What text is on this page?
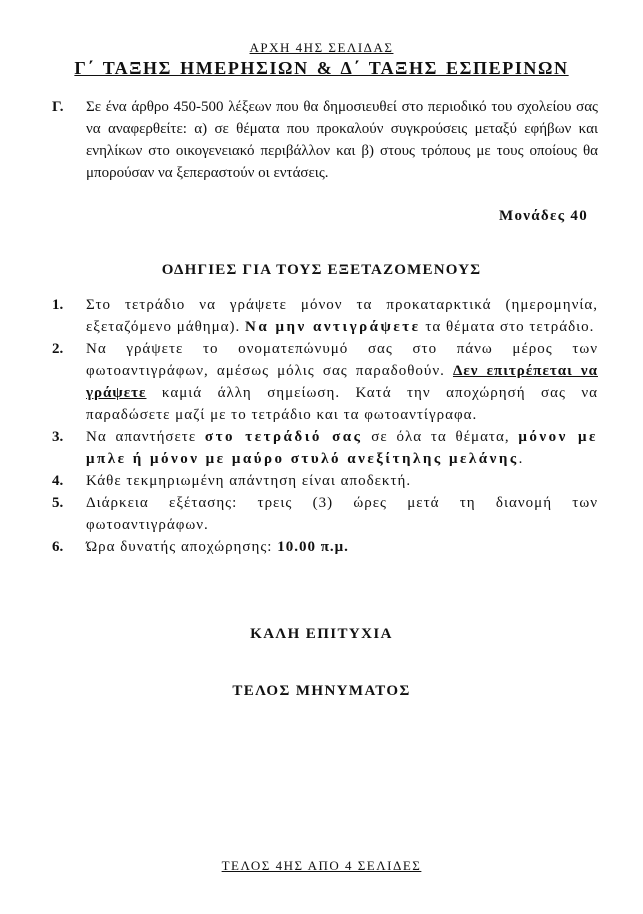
ΑΡΧΗ 4ΗΣ ΣΕΛΙΔΑΣ
Γ΄ ΤΑΞΗΣ ΗΜΕΡΗΣΙΩΝ & Δ΄ ΤΑΞΗΣ ΕΣΠΕΡΙΝΩΝ
Γ. Σε ένα άρθρο 450-500 λέξεων που θα δημοσιευθεί στο περιοδικό του σχολείου σας να αναφερθείτε: α) σε θέματα που προκαλούν συγκρούσεις μεταξύ εφήβων και ενηλίκων στο οικογενειακό περιβάλλον και β) στους τρόπους με τους οποίους θα μπορούσαν να ξεπεραστούν οι εντάσεις.
Μονάδες 40
ΟΔΗΓΙΕΣ ΓΙΑ ΤΟΥΣ ΕΞΕΤΑΖΟΜΕΝΟΥΣ
1. Στο τετράδιο να γράψετε μόνον τα προκαταρκτικά (ημερομηνία, εξεταζόμενο μάθημα). Να μην αντιγράψετε τα θέματα στο τετράδιο.
2. Να γράψετε το ονοματεπώνυμό σας στο πάνω μέρος των φωτοαντιγράφων, αμέσως μόλις σας παραδοθούν. Δεν επιτρέπεται να γράψετε καμιά άλλη σημείωση. Κατά την αποχώρησή σας να παραδώσετε μαζί με το τετράδιο και τα φωτοαντίγραφα.
3. Να απαντήσετε στο τετράδιό σας σε όλα τα θέματα, μόνον με μπλε ή μόνον με μαύρο στυλό ανεξίτηλης μελάνης.
4. Κάθε τεκμηριωμένη απάντηση είναι αποδεκτή.
5. Διάρκεια εξέτασης: τρεις (3) ώρες μετά τη διανομή των φωτοαντιγράφων.
6. Ώρα δυνατής αποχώρησης: 10.00 π.μ.
ΚΑΛΗ ΕΠΙΤΥΧΙΑ
ΤΕΛΟΣ ΜΗΝΥΜΑΤΟΣ
ΤΕΛΟΣ 4ΗΣ ΑΠΟ 4 ΣΕΛΙΔΕΣ
